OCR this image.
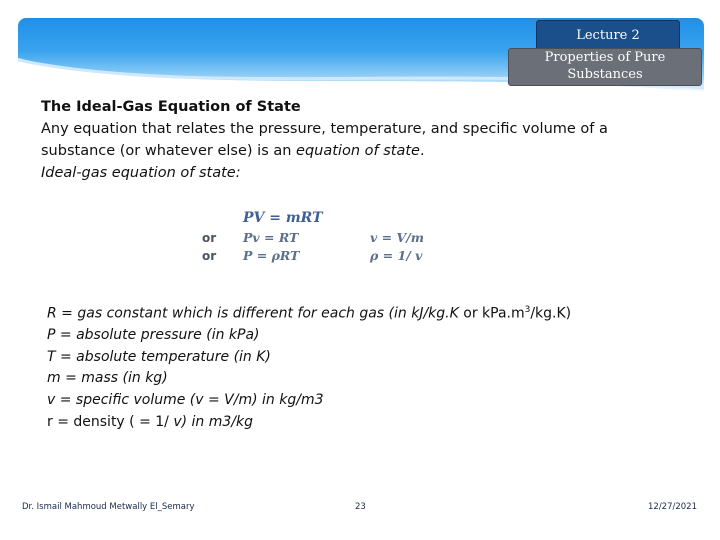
Lecture 2
Properties of Pure
Substances
The Ideal-Gas Equation of State
Any equation that relates the pressure, temperature, and specific volume of a
substance (or whatever else) is an equation of state.
Ideal-gas equation of state:
PV = mRT
or Pv = RT	v = V/m
or P = ρRT	ρ = 1/ v
R = gas constant which is different for each gas (in kJ/kg.K or $kPa.m^3/kg.K$)
P = absolute pressure (in kPa)
T = absolute temperature (in K)
m = mass (in kg)
v = specific volume (v = V/m) in kg/m3
r = density ( = 1/ v) in m3/kg
Dr. Ismail Mahmoud Metwally El_Semary	23	12/27/2021
